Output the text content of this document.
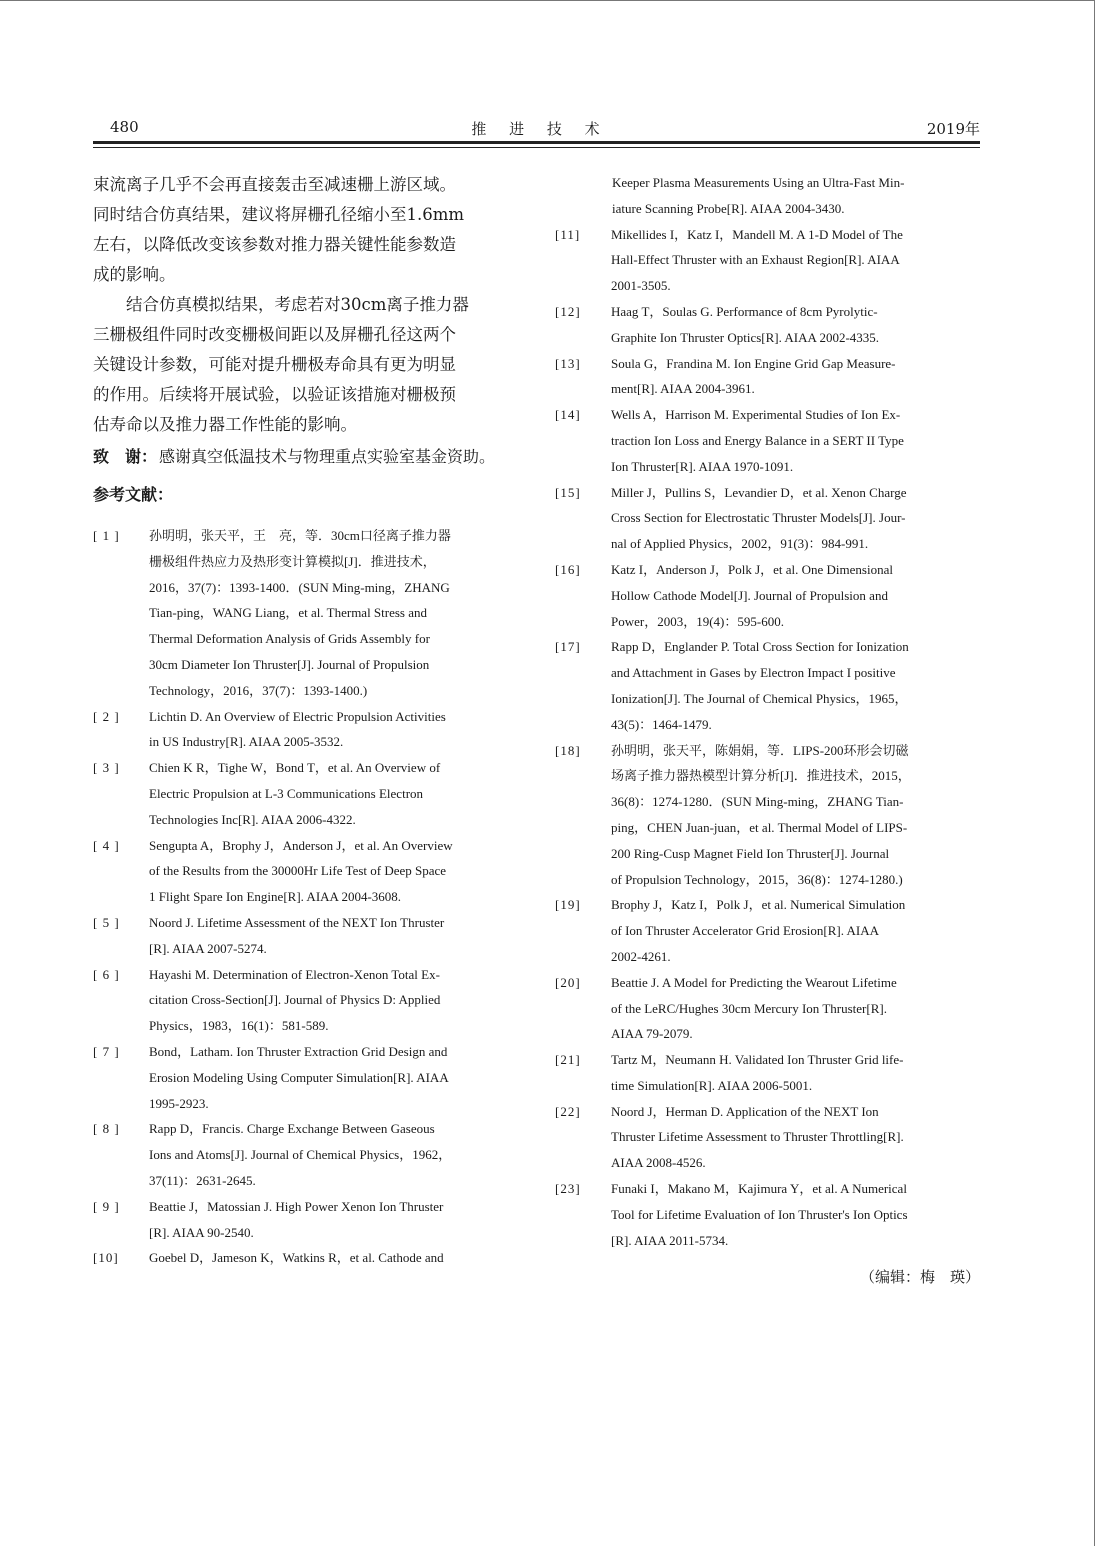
480	推 进 技 术	2019年
束流离子几乎不会再直接轰击至减速栅上游区域。
同时结合仿真结果，建议将屏栅孔径缩小至1.6mm
左右，以降低改变该参数对推力器关键性能参数造
成的影响。
　　结合仿真模拟结果，考虑若对30cm离子推力器
三栅极组件同时改变栅极间距以及屏栅孔径这两个
关键设计参数，可能对提升栅极寿命具有更为明显
的作用。后续将开展试验，以验证该措施对栅极预
估寿命以及推力器工作性能的影响。
致　谢： 感谢真空低温技术与物理重点实验室基金资助。
参考文献：
[ 1 ] 孙明明，张天平，王　亮，等．30cm口径离子推力器
栅极组件热应力及热形变计算模拟[J]．推进技术，
2016，37(7)：1393-1400．(SUN Ming-ming，ZHANG
Tian-ping，WANG Liang，et al. Thermal Stress and
Thermal Deformation Analysis of Grids Assembly for
30cm Diameter Ion Thruster[J]. Journal of Propulsion
Technology，2016，37(7)：1393-1400.)
[ 2 ] Lichtin D. An Overview of Electric Propulsion Activities
in US Industry[R]. AIAA 2005-3532.
[ 3 ] Chien K R，Tighe W，Bond T，et al. An Overview of
Electric Propulsion at L-3 Communications Electron
Technologies Inc[R]. AIAA 2006-4322.
[ 4 ] Sengupta A，Brophy J，Anderson J，et al. An Overview
of the Results from the 30000Hr Life Test of Deep Space
1 Flight Spare Ion Engine[R]. AIAA 2004-3608.
[ 5 ] Noord J. Lifetime Assessment of the NEXT Ion Thruster
[R]. AIAA 2007-5274.
[ 6 ] Hayashi M. Determination of Electron-Xenon Total Ex-
citation Cross-Section[J]. Journal of Physics D: Applied
Physics，1983，16(1)：581-589.
[ 7 ] Bond，Latham. Ion Thruster Extraction Grid Design and
Erosion Modeling Using Computer Simulation[R]. AIAA
1995-2923.
[ 8 ] Rapp D，Francis. Charge Exchange Between Gaseous
Ions and Atoms[J]. Journal of Chemical Physics，1962，
37(11)：2631-2645.
[ 9 ] Beattie J，Matossian J. High Power Xenon Ion Thruster
[R]. AIAA 90-2540.
[10] Goebel D，Jameson K，Watkins R，et al. Cathode and
Keeper Plasma Measurements Using an Ultra-Fast Min-
iature Scanning Probe[R]. AIAA 2004-3430.
[11] Mikellides I，Katz I，Mandell M. A 1-D Model of The
Hall-Effect Thruster with an Exhaust Region[R]. AIAA
2001-3505.
[12] Haag T，Soulas G. Performance of 8cm Pyrolytic-
Graphite Ion Thruster Optics[R]. AIAA 2002-4335.
[13] Soula G，Frandina M. Ion Engine Grid Gap Measure-
ment[R]. AIAA 2004-3961.
[14] Wells A，Harrison M. Experimental Studies of Ion Ex-
traction Ion Loss and Energy Balance in a SERT II Type
Ion Thruster[R]. AIAA 1970-1091.
[15] Miller J，Pullins S，Levandier D，et al. Xenon Charge
Cross Section for Electrostatic Thruster Models[J]. Jour-
nal of Applied Physics，2002，91(3)：984-991.
[16] Katz I，Anderson J，Polk J，et al. One Dimensional
Hollow Cathode Model[J]. Journal of Propulsion and
Power，2003，19(4)：595-600.
[17] Rapp D，Englander P. Total Cross Section for Ionization
and Attachment in Gases by Electron Impact I positive
Ionization[J]. The Journal of Chemical Physics，1965，
43(5)：1464-1479.
[18] 孙明明，张天平，陈娟娟，等．LIPS-200环形会切磁
场离子推力器热模型计算分析[J]．推进技术，2015，
36(8)：1274-1280．(SUN Ming-ming，ZHANG Tian-
ping，CHEN Juan-juan，et al. Thermal Model of LIPS-
200 Ring-Cusp Magnet Field Ion Thruster[J]. Journal
of Propulsion Technology，2015，36(8)：1274-1280.)
[19] Brophy J，Katz I，Polk J，et al. Numerical Simulation
of Ion Thruster Accelerator Grid Erosion[R]. AIAA
2002-4261.
[20] Beattie J. A Model for Predicting the Wearout Lifetime
of the LeRC/Hughes 30cm Mercury Ion Thruster[R].
AIAA 79-2079.
[21] Tartz M，Neumann H. Validated Ion Thruster Grid life-
time Simulation[R]. AIAA 2006-5001.
[22] Noord J，Herman D. Application of the NEXT Ion
Thruster Lifetime Assessment to Thruster Throttling[R].
AIAA 2008-4526.
[23] Funaki I，Makano M，Kajimura Y，et al. A Numerical
Tool for Lifetime Evaluation of Ion Thruster's Ion Optics
[R]. AIAA 2011-5734.
（编辑：梅　瑛）
